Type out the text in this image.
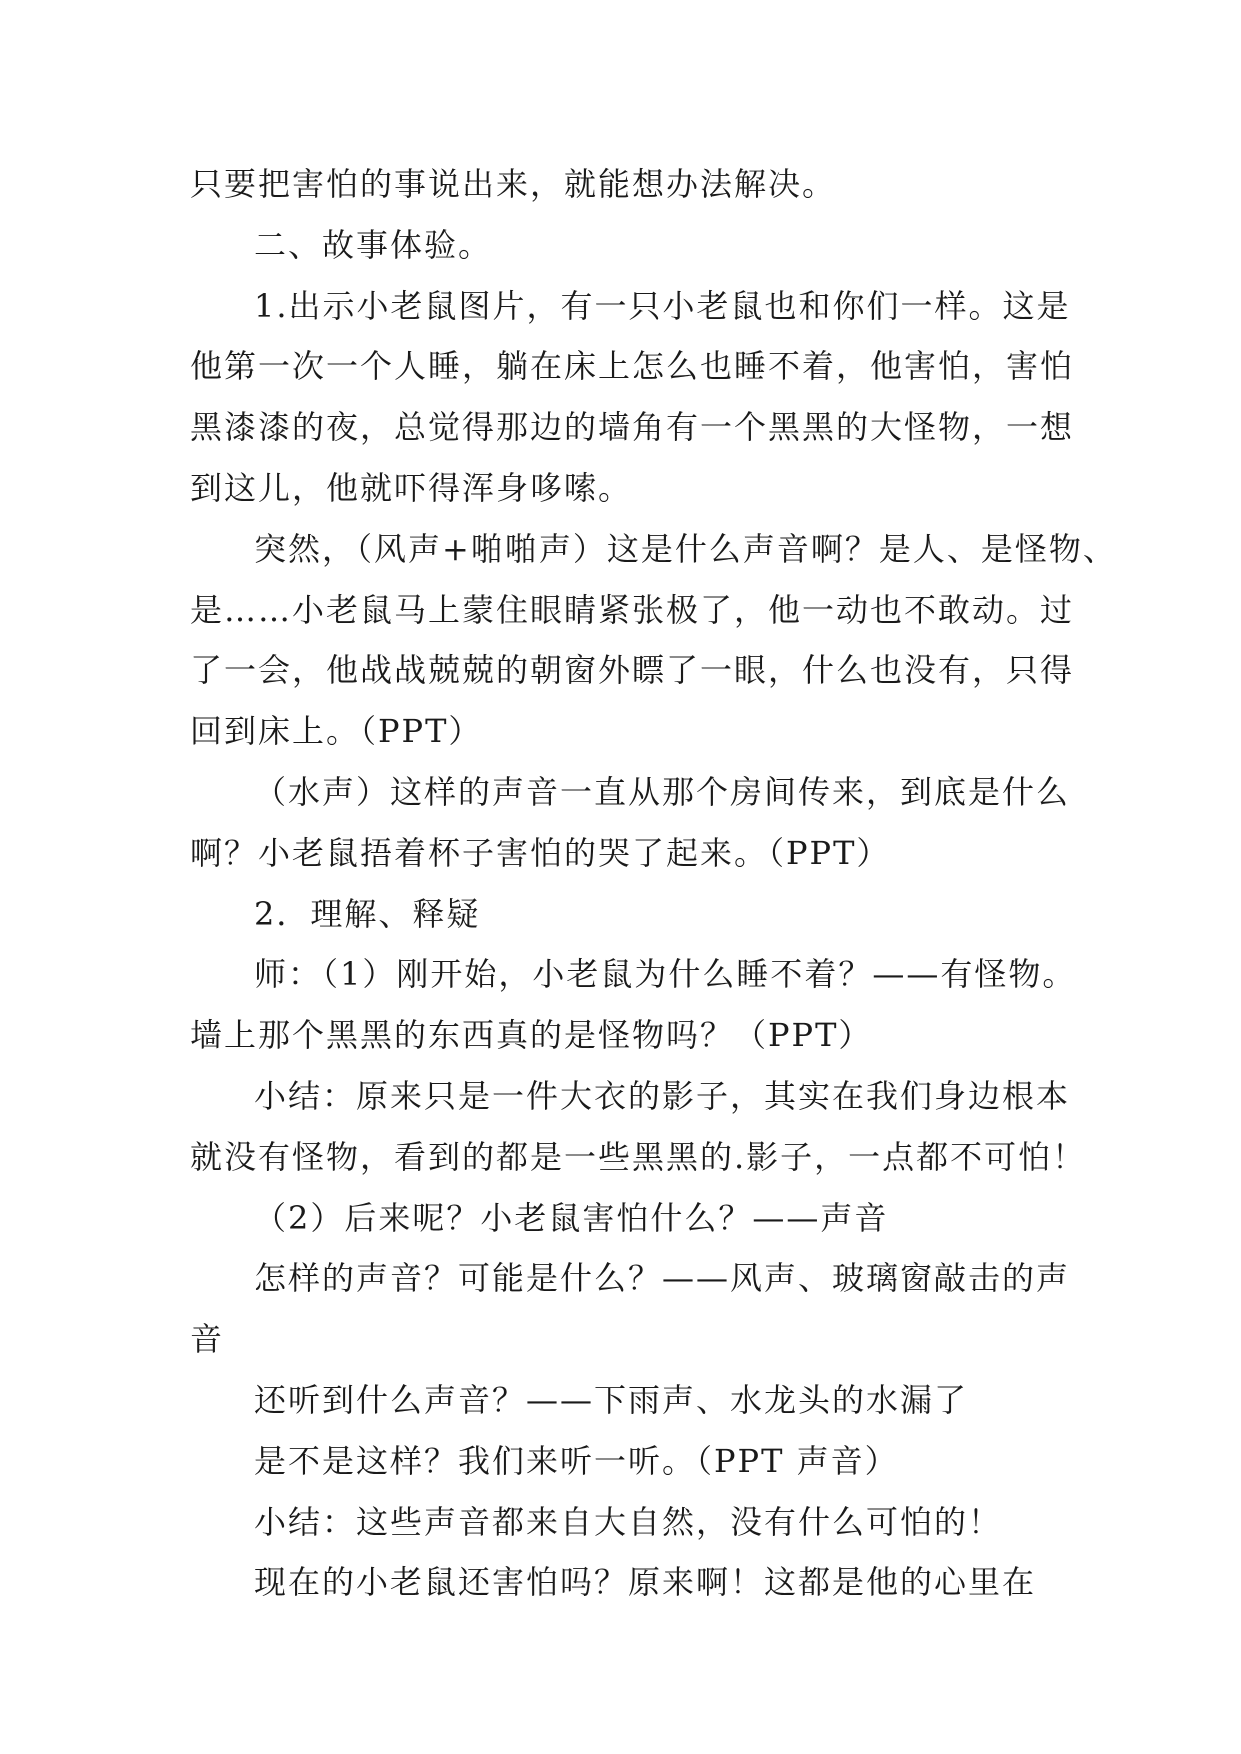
只要把害怕的事说出来，就能想办法解决。
二、故事体验。
1.出示小老鼠图片，有一只小老鼠也和你们一样。这是
他第一次一个人睡，躺在床上怎么也睡不着，他害怕，害怕
黑漆漆的夜，总觉得那边的墙角有一个黑黑的大怪物，一想
到这儿，他就吓得浑身哆嗦。
突然，（风声+啪啪声）这是什么声音啊？是人、是怪物、
是……小老鼠马上蒙住眼睛紧张极了，他一动也不敢动。过
了一会，他战战兢兢的朝窗外瞟了一眼，什么也没有，只得
回到床上。（PPT）
（水声）这样的声音一直从那个房间传来，到底是什么
啊？小老鼠捂着杯子害怕的哭了起来。（PPT）
2．理解、释疑
师：（1）刚开始，小老鼠为什么睡不着？——有怪物。
墙上那个黑黑的东西真的是怪物吗？（PPT）
小结：原来只是一件大衣的影子，其实在我们身边根本
就没有怪物，看到的都是一些黑黑的.影子，一点都不可怕！
（2）后来呢？小老鼠害怕什么？——声音
怎样的声音？可能是什么？——风声、玻璃窗敲击的声
音
还听到什么声音？——下雨声、水龙头的水漏了
是不是这样？我们来听一听。（PPT 声音）
小结：这些声音都来自大自然，没有什么可怕的！
现在的小老鼠还害怕吗？原来啊！这都是他的心里在
